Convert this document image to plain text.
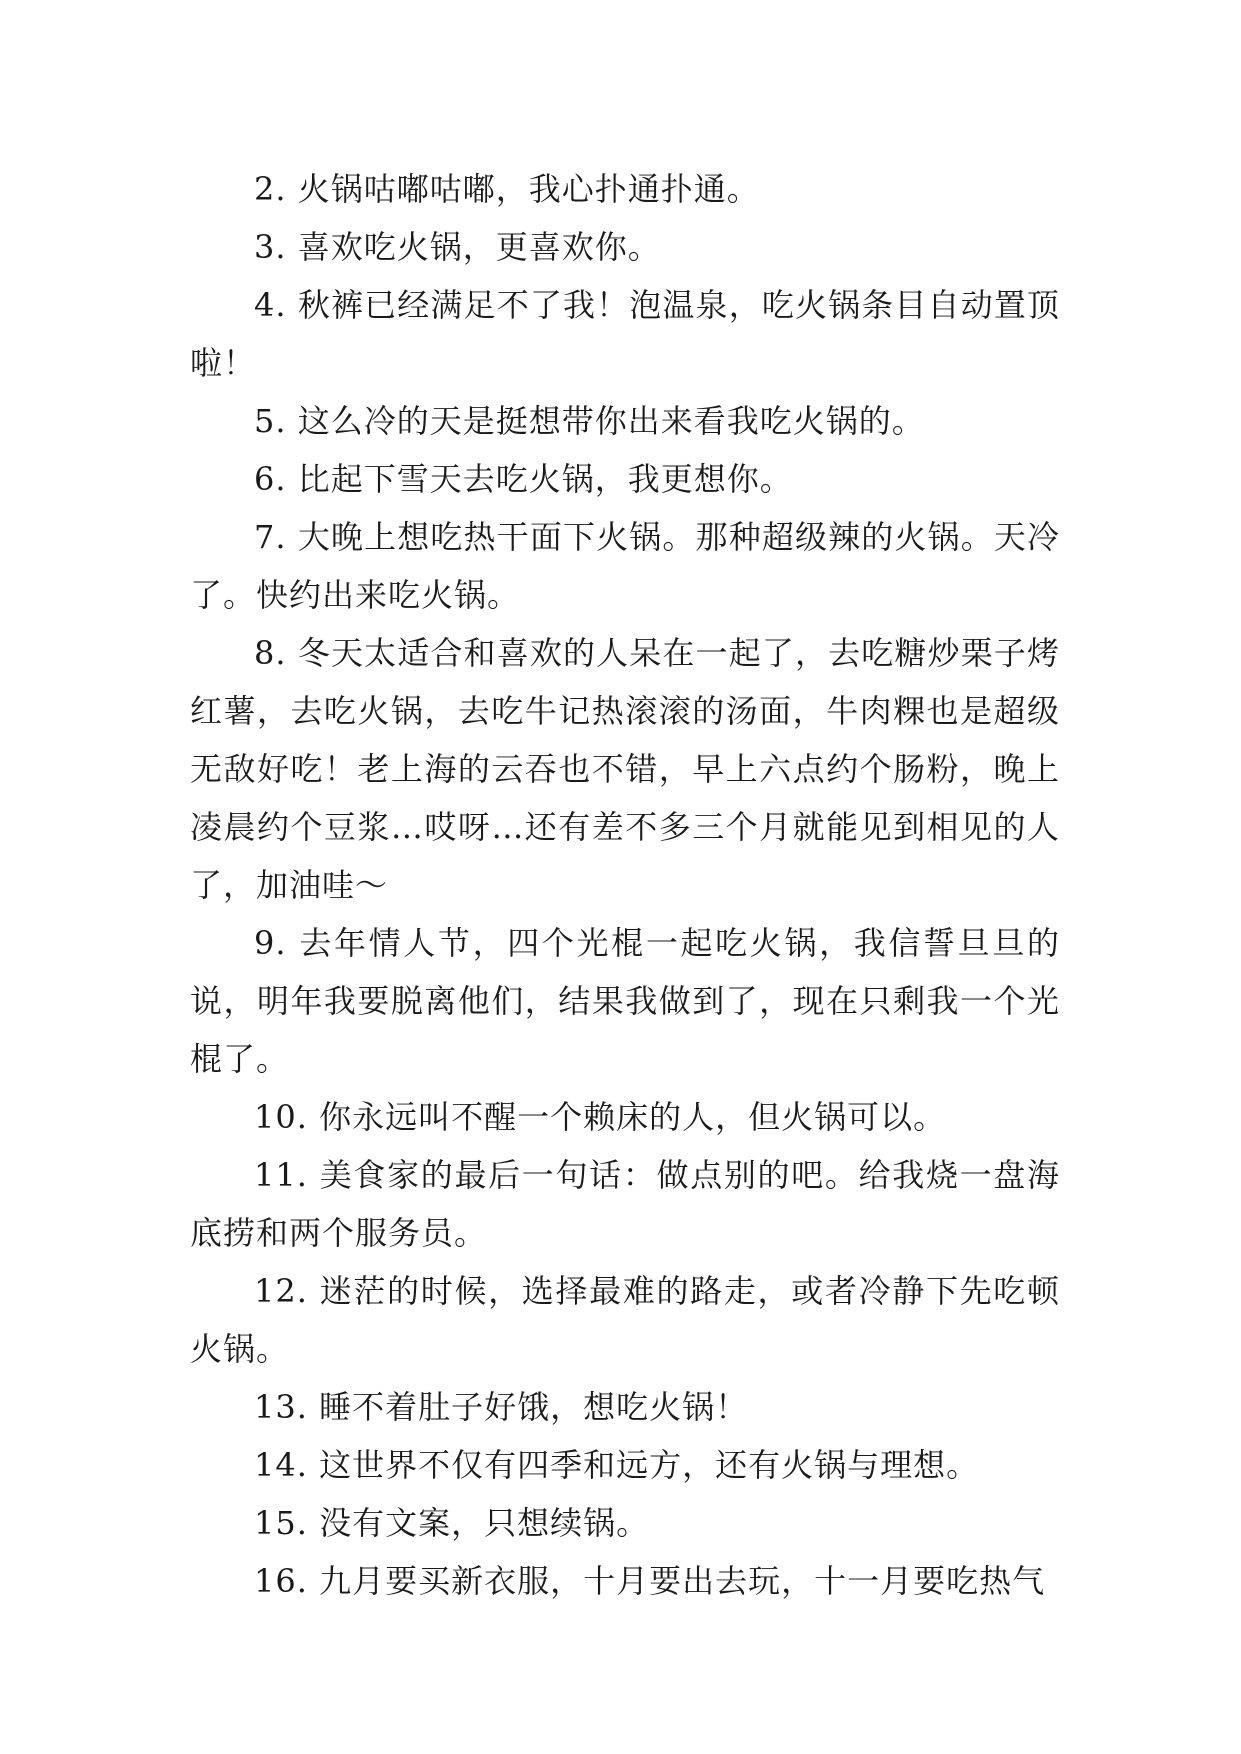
2. 火锅咕嘟咕嘟，我心扑通扑通。

3. 喜欢吃火锅，更喜欢你。

4. 秋裤已经满足不了我！泡温泉，吃火锅条目自动置顶啦！

5. 这么冷的天是挺想带你出来看我吃火锅的。

6. 比起下雪天去吃火锅，我更想你。

7. 大晚上想吃热干面下火锅。那种超级辣的火锅。天冷了。快约出来吃火锅。

8. 冬天太适合和喜欢的人呆在一起了，去吃糖炒栗子烤红薯，去吃火锅，去吃牛记热滚滚的汤面，牛肉粿也是超级无敌好吃！老上海的云吞也不错，早上六点约个肠粉，晚上凌晨约个豆浆…哎呀…还有差不多三个月就能见到相见的人了，加油哇～

9. 去年情人节，四个光棍一起吃火锅，我信誓旦旦的说，明年我要脱离他们，结果我做到了，现在只剩我一个光棍了。

10. 你永远叫不醒一个赖床的人，但火锅可以。

11. 美食家的最后一句话：做点别的吧。给我烧一盘海底捞和两个服务员。

12. 迷茫的时候，选择最难的路走，或者冷静下先吃顿火锅。

13. 睡不着肚子好饿，想吃火锅！

14. 这世界不仅有四季和远方，还有火锅与理想。

15. 没有文案，只想续锅。

16. 九月要买新衣服，十月要出去玩，十一月要吃热气
